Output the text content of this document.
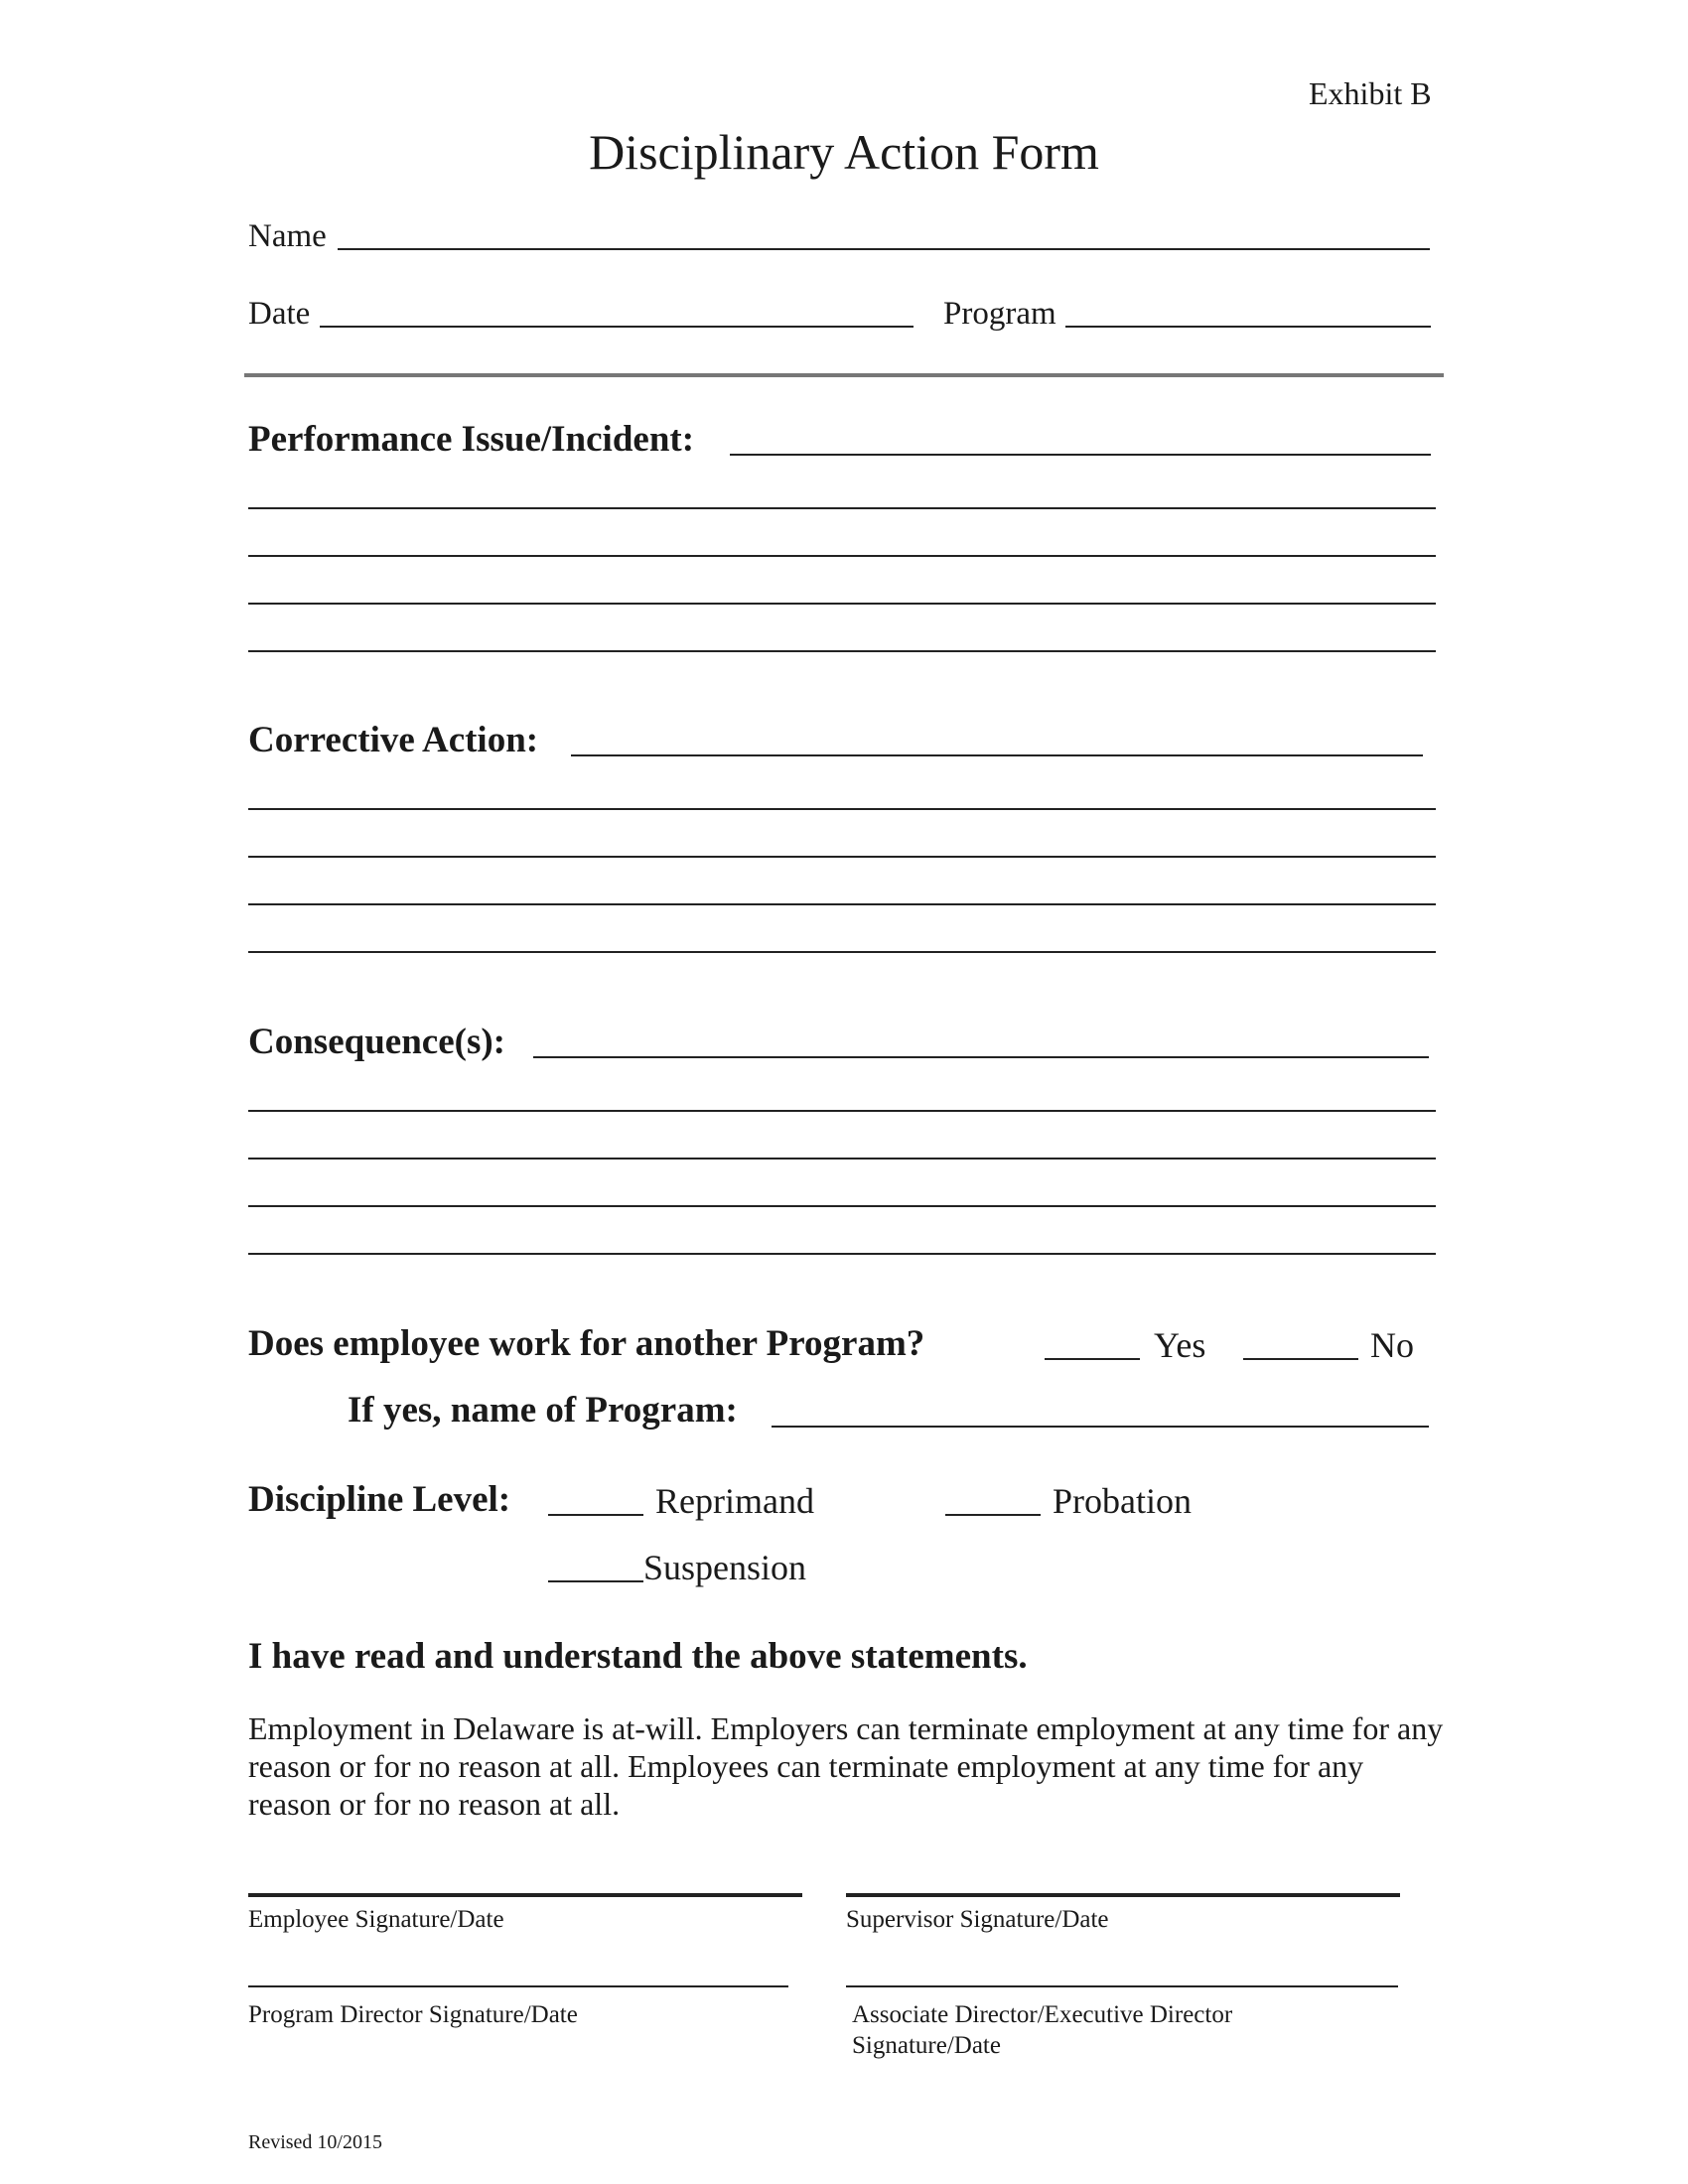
Exhibit B
Disciplinary Action Form
Name
Date	Program
Performance Issue/Incident:
Corrective Action:
Consequence(s):
Does employee work for another Program?	Yes	No
If yes, name of Program:
Discipline Level:	Reprimand	Probation
Suspension
I have read and understand the above statements.
Employment in Delaware is at-will. Employers can terminate employment at any time for any reason or for no reason at all. Employees can terminate employment at any time for any reason or for no reason at all.
Employee Signature/Date	Supervisor Signature/Date
Program Director Signature/Date	Associate Director/Executive Director Signature/Date
Revised 10/2015
